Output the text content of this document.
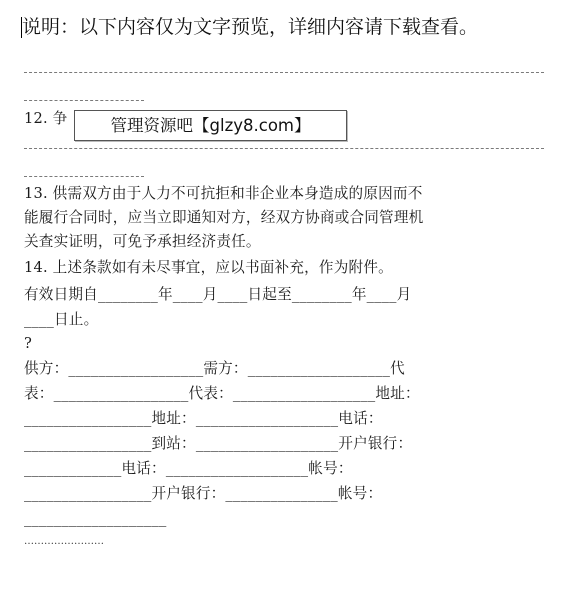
说明：以下内容仅为文字预览，详细内容请下载查看。
12. 争
13. 供需双方由于人力不可抗拒和非企业本身造成的原因而不
能履行合同时，应当立即通知对方，经双方协商或合同管理机
关查实证明，可免予承担经济责任。
14. 上述条款如有未尽事宜，应以书面补充，作为附件。
有效日期自________年____月____日起至________年____月
____日止。
?
供方：__________________需方：___________________代
表：__________________代表：___________________地址：
_________________地址：___________________电话：
_________________到站：___________________开户银行：
_____________电话：___________________帐号：
_________________开户银行：_______________帐号：
___________________
……………………
管理资源吧【glzy8.com】
